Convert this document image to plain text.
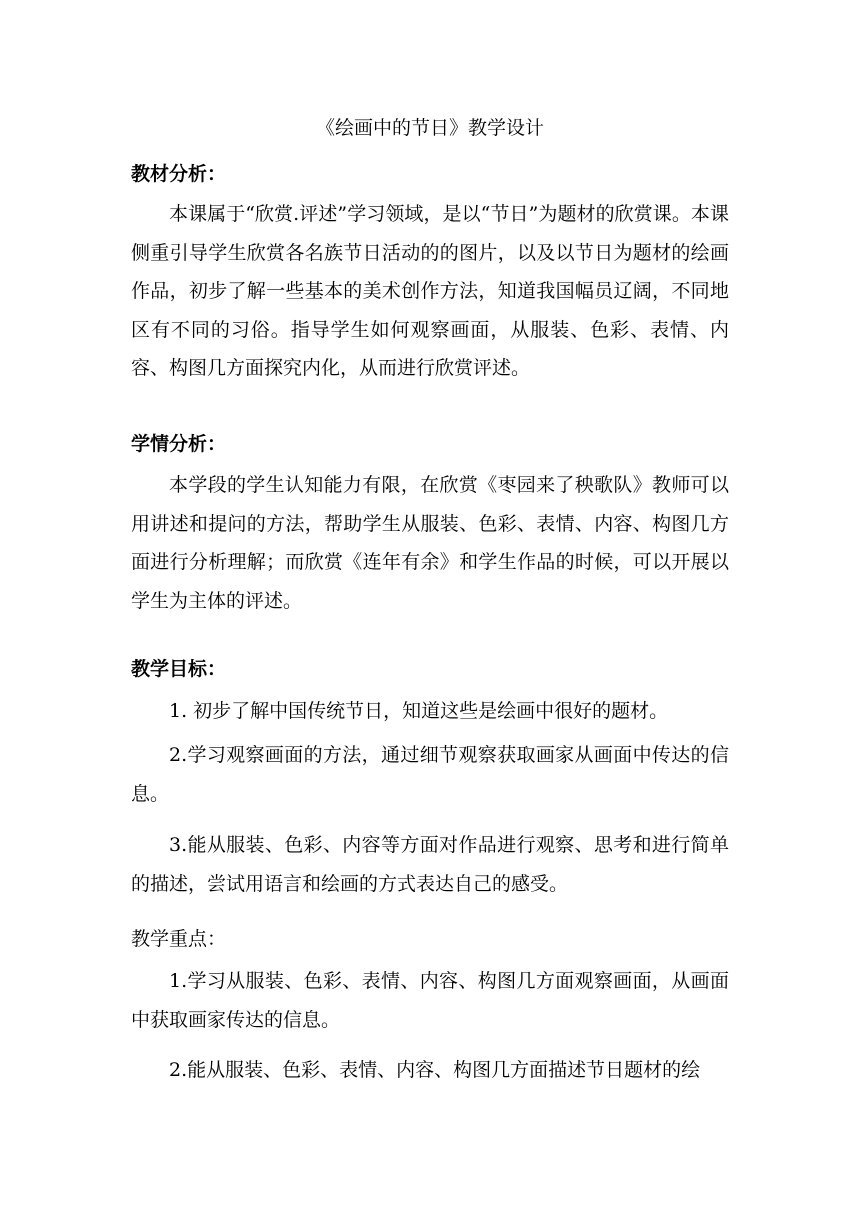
《绘画中的节日》教学设计
教材分析：
本课属于“欣赏.评述”学习领域，是以“节日”为题材的欣赏课。本课侧重引导学生欣赏各名族节日活动的的图片，以及以节日为题材的绘画作品，初步了解一些基本的美术创作方法，知道我国幅员辽阔，不同地区有不同的习俗。指导学生如何观察画面，从服装、色彩、表情、内容、构图几方面探究内化，从而进行欣赏评述。
学情分析：
本学段的学生认知能力有限，在欣赏《枣园来了秧歌队》教师可以用讲述和提问的方法，帮助学生从服装、色彩、表情、内容、构图几方面进行分析理解；而欣赏《连年有余》和学生作品的时候，可以开展以学生为主体的评述。
教学目标：
1. 初步了解中国传统节日，知道这些是绘画中很好的题材。
2.学习观察画面的方法，通过细节观察获取画家从画面中传达的信息。
3.能从服装、色彩、内容等方面对作品进行观察、思考和进行简单的描述，尝试用语言和绘画的方式表达自己的感受。
教学重点：
1.学习从服装、色彩、表情、内容、构图几方面观察画面，从画面中获取画家传达的信息。
2.能从服装、色彩、表情、内容、构图几方面描述节日题材的绘
